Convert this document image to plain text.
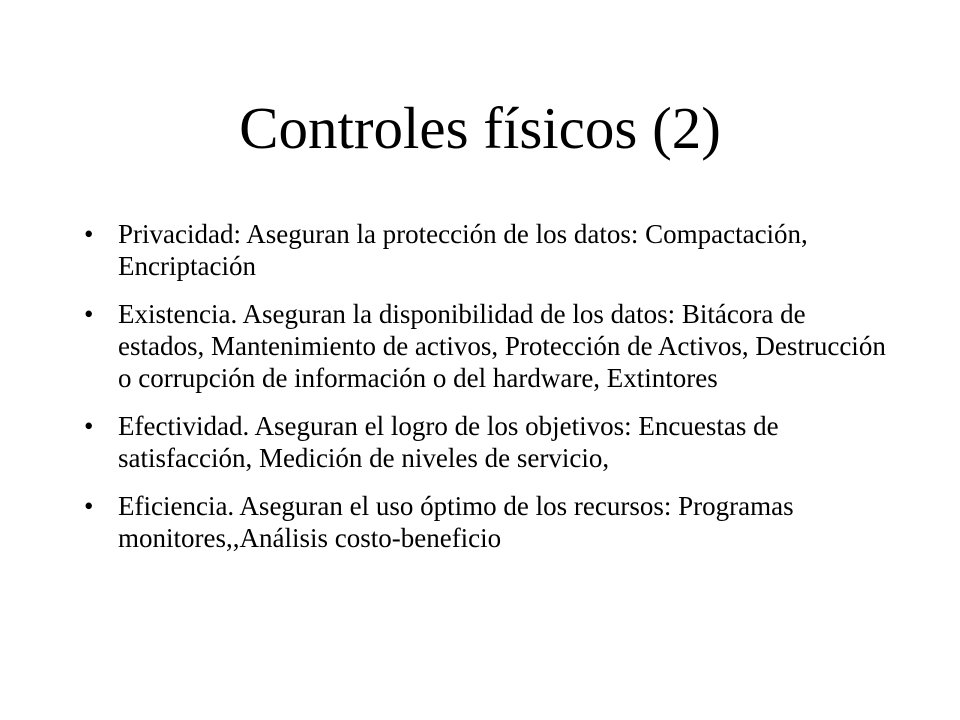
Controles físicos (2)
• Privacidad: Aseguran la protección de los datos: Compactación, Encriptación
• Existencia. Aseguran la disponibilidad de los datos: Bitácora de estados, Mantenimiento de activos, Protección de Activos, Destrucción o corrupción de información o del hardware, Extintores
• Efectividad. Aseguran el logro de los objetivos: Encuestas de satisfacción, Medición de niveles de servicio,
• Eficiencia. Aseguran el uso óptimo de los recursos: Programas monitores,,Análisis costo-beneficio
